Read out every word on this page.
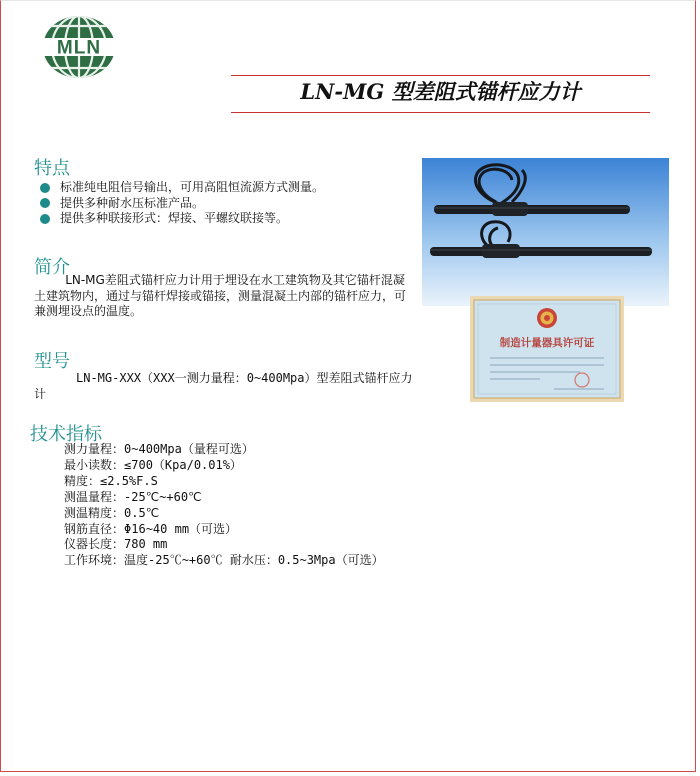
MLN
LN-MG 型差阻式锚杆应力计
特点
标准纯电阻信号输出，可用高阻恒流源方式测量。
提供多种耐水压标准产品。
提供多种联接形式：焊接、平螺纹联接等。
简介

LN-MG差阻式锚杆应力计用于埋设在水工建筑物及其它锚杆混凝土建筑物内，通过与锚杆焊接或锚接，测量混凝土内部的锚杆应力，可兼测埋设点的温度。

型号

LN-MG-XXX（XXX一测力量程：0~400Mpa）型差阻式锚杆应力计

技术指标
测力量程：0~400Mpa（量程可选）
最小读数：≤700（Kpa/0.01%）
精度：≤2.5%F.S
测温量程：-25℃~+60℃
测温精度：0.5℃
钢筋直径：Φ16~40 mm（可选）
仪器长度：780 mm
工作环境：温度-25℃~+60℃ 耐水压：0.5~3Mpa（可选）
制造计量器具许可证
